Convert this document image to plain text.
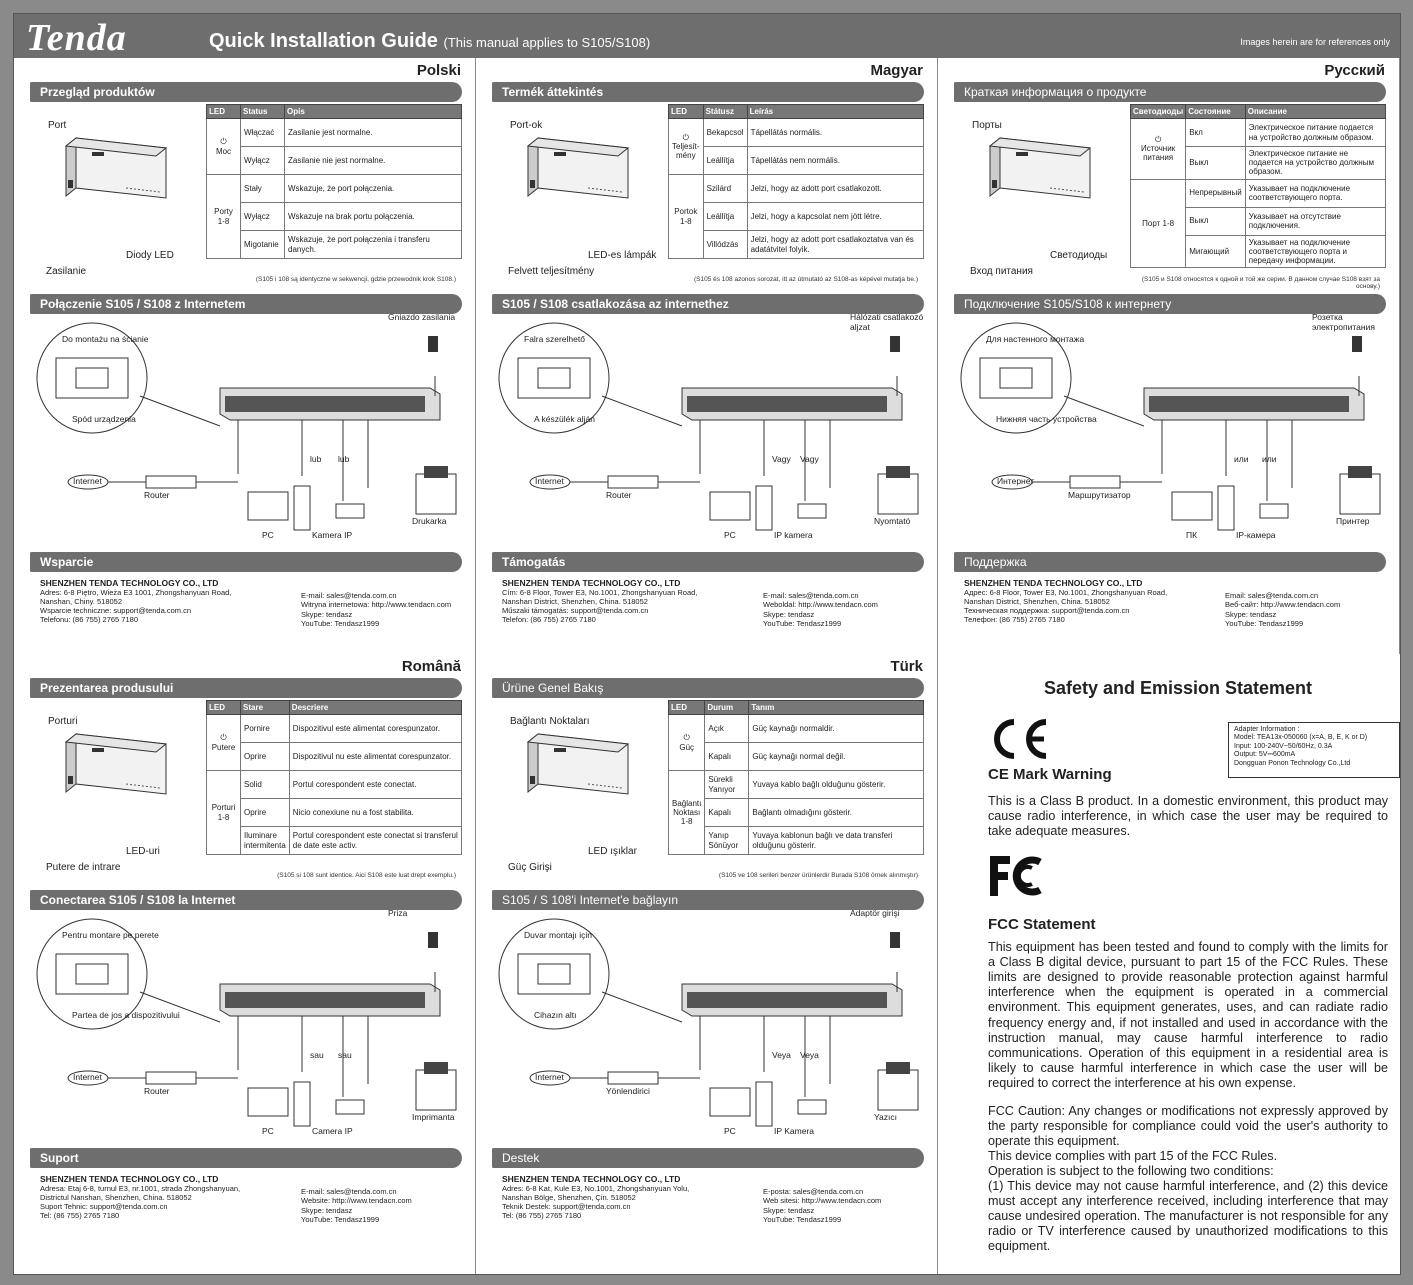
Tenda	Quick Installation Guide (This manual applies to S105/S108)	Images herein are for references only
Polski
Przegląd produktów
Port
Zasilanie
Diody LED
LED	Status	Opis
⏻
Moc	Włączać	Zasilanie jest normalne.
	Wyłącz	Zasilanie nie jest normalne.
Porty 1-8	Stały	Wskazuje, że port połączenia.
	Wyłącz	Wskazuje na brak portu połączenia.
	Migotanie	Wskazuje, że port połączenia i transferu danych.
(S105 i 108 są identyczne w sekwencji, gdzie przewodnik krok S108.)
Połączenie S105 / S108 z Internetem
Gniazdo zasilania
Do montażu na ścianie
Spód urządzenia
Internet
Router
PC	Kamera IP
Drukarka
lub lub
Wsparcie
SHENZHEN TENDA TECHNOLOGY CO., LTD
Adres: 6-8 Piętro, Wieża E3 1001, Zhongshanyuan Road,
Nanshan, Chiny. 518052
Wsparcie techniczne: support@tenda.com.cn
Telefonu: (86 755) 2765 7180
E-mail: sales@tenda.com.cn
Witryna internetowa: http://www.tendacn.com
Skype: tendasz
YouTube: Tendasz1999
Magyar
Termék áttekintés
Port-ok
Felvett teljesítmény
LED-es lámpák
LED	Státusz	Leírás
⏻
Teljesít-mény	Bekapcsol	Tápellátás normális.
	Leállítja	Tápellátás nem normális.
Portok 1-8	Szilárd	Jelzi, hogy az adott port csatlakozott.
	Leállítja	Jelzi, hogy a kapcsolat nem jött létre.
	Villódzás	Jelzi, hogy az adott port csatlakoztatva van és adatátvitel folyik.
(S105 és 108 azonos sorozat, itt az útmutató az S108-as képével mutatja be.)
S105 / S108 csatlakozása az internethez
Hálózati csatlakozó aljzat
Falra szerelhető
A készülék alján
Internet
Router
PC	IP kamera
Nyomtató
Vagy Vagy
Támogatás
SHENZHEN TENDA TECHNOLOGY CO., LTD
Cím: 6-8 Floor, Tower E3, No.1001, Zhongshanyuan Road,
Nanshan District, Shenzhen, China. 518052
Műszaki támogatás: support@tenda.com.cn
Telefon: (86 755) 2765 7180
E-mail: sales@tenda.com.cn
Weboldal: http://www.tendacn.com
Skype: tendasz
YouTube: Tendasz1999
Русский
Краткая информация о продукте
Порты
Вход питания
Светодиоды
Светодиоды	Состояние	Описание
⏻
Источник питания	Вкл	Электрическое питание подается на устройство должным образом.
	Выкл	Электрическое питание не подается на устройство должным образом.
Порт 1-8	Непрерывный	Указывает на подключение соответствующего порта.
	Выкл	Указывает на отсутствие подключения.
	Мигающий	Указывает на подключение соответствующего порта и передачу информации.
(S105 и S108 относятся к одной и той же серии. В данном случае S108 взят за основу.)
Подключение S105/S108 к интернету
Розетка электропитания
Для настенного монтажа
Нижняя часть устройства
Интернет
Маршрутизатор
ПК	IP-камера
Принтер
или или
Поддержка
SHENZHEN TENDA TECHNOLOGY CO., LTD
Адрес: 6-8 Floor, Tower E3, No.1001, Zhongshanyuan Road,
Nanshan District, Shenzhen, China. 518052
Техническая поддержка: support@tenda.com.cn
Телефон: (86 755) 2765 7180
Email: sales@tenda.com.cn
Веб-сайт: http://www.tendacn.com
Skype: tendasz
YouTube: Tendasz1999
Română
Prezentarea produsului
Porturi
Putere de intrare
LED-uri
LED	Stare	Descriere
⏻
Putere	Pornire	Dispozitivul este alimentat corespunzator.
	Oprire	Dispozitivul nu este alimentat corespunzator.
Porturi 1-8	Solid	Portul corespondent este conectat.
	Oprire	Nicio conexiune nu a fost stabilita.
	Iluminare intermitenta	Portul corespondent este conectat si transferul de date este activ.
(S105 si 108 sunt identice. Aici S108 este luat drept exemplu.)
Conectarea S105 / S108 la Internet
Priza
Pentru montare pe perete
Partea de jos a dispozitivului
Internet
Router
PC	Camera IP
Imprimanta
sau sau
Suport
SHENZHEN TENDA TECHNOLOGY CO., LTD
Adresa: Etaj 6-8, turnul E3, nr.1001, strada Zhongshanyuan,
Districtul Nanshan, Shenzhen, China. 518052
Suport Tehnic: support@tenda.com.cn
Tel: (86 755) 2765 7180
E-mail: sales@tenda.com.cn
Website: http://www.tendacn.com
Skype: tendasz
YouTube: Tendasz1999
Türk
Ürüne Genel Bakış
Bağlantı Noktaları
Güç Girişi
LED ışıklar
LED	Durum	Tanım
⏻
Güç	Açık	Güç kaynağı normaldir.
	Kapalı	Güç kaynağı normal değil.
Bağlantı Noktası 1-8	Sürekli Yanıyor	Yuvaya kablo bağlı olduğunu gösterir.
	Kapalı	Bağlantı olmadığını gösterir.
	Yanıp Sönüyor	Yuvaya kablonun bağlı ve data transferi olduğunu gösterir.
(S105 ve 108 serileri benzer ürünlerdir Burada S108 örnek alınmıştır)
S105 / S 108'i Internet'e bağlayın
Adaptör girişi
Duvar montajı için
Cihazın altı
Internet
Yönlendirici
PC	IP Kamera
Yazıcı
Veya Veya
Destek
SHENZHEN TENDA TECHNOLOGY CO., LTD
Adres: 6-8 Kat, Kule E3, No.1001, Zhongshanyuan Yolu,
Nanshan Bölge, Shenzhen, Çin. 518052
Teknik Destek: support@tenda.com.cn
Tel: (86 755) 2765 7180
E-posta: sales@tenda.com.cn
Web sitesi: http://www.tendacn.com
Skype: tendasz
YouTube: Tendasz1999
Safety and Emission Statement
Adapter Information :
Model: TEA13x-050060 (x=A, B, E, K or D)
Input: 100-240V~50/60Hz, 0.3A
Output: 5V⎓600mA
Dongguan Ponon Technology Co.,Ltd
CE Mark Warning
This is a Class B product. In a domestic environment, this product may cause radio interference, in which case the user may be required to take adequate measures.
FCC Statement
This equipment has been tested and found to comply with the limits for a Class B digital device, pursuant to part 15 of the FCC Rules. These limits are designed to provide reasonable protection against harmful interference when the equipment is operated in a commercial environment. This equipment generates, uses, and can radiate radio frequency energy and, if not installed and used in accordance with the instruction manual, may cause harmful interference to radio communications. Operation of this equipment in a residential area is likely to cause harmful interference in which case the user will be required to correct the interference at his own expense.
FCC Caution: Any changes or modifications not expressly approved by the party responsible for compliance could void the user's authority to operate this equipment.
This device complies with part 15 of the FCC Rules.
Operation is subject to the following two conditions:
(1) This device may not cause harmful interference, and (2) this device must accept any interference received, including interference that may cause undesired operation. The manufacturer is not responsible for any radio or TV interference caused by unauthorized modifications to this equipment.
